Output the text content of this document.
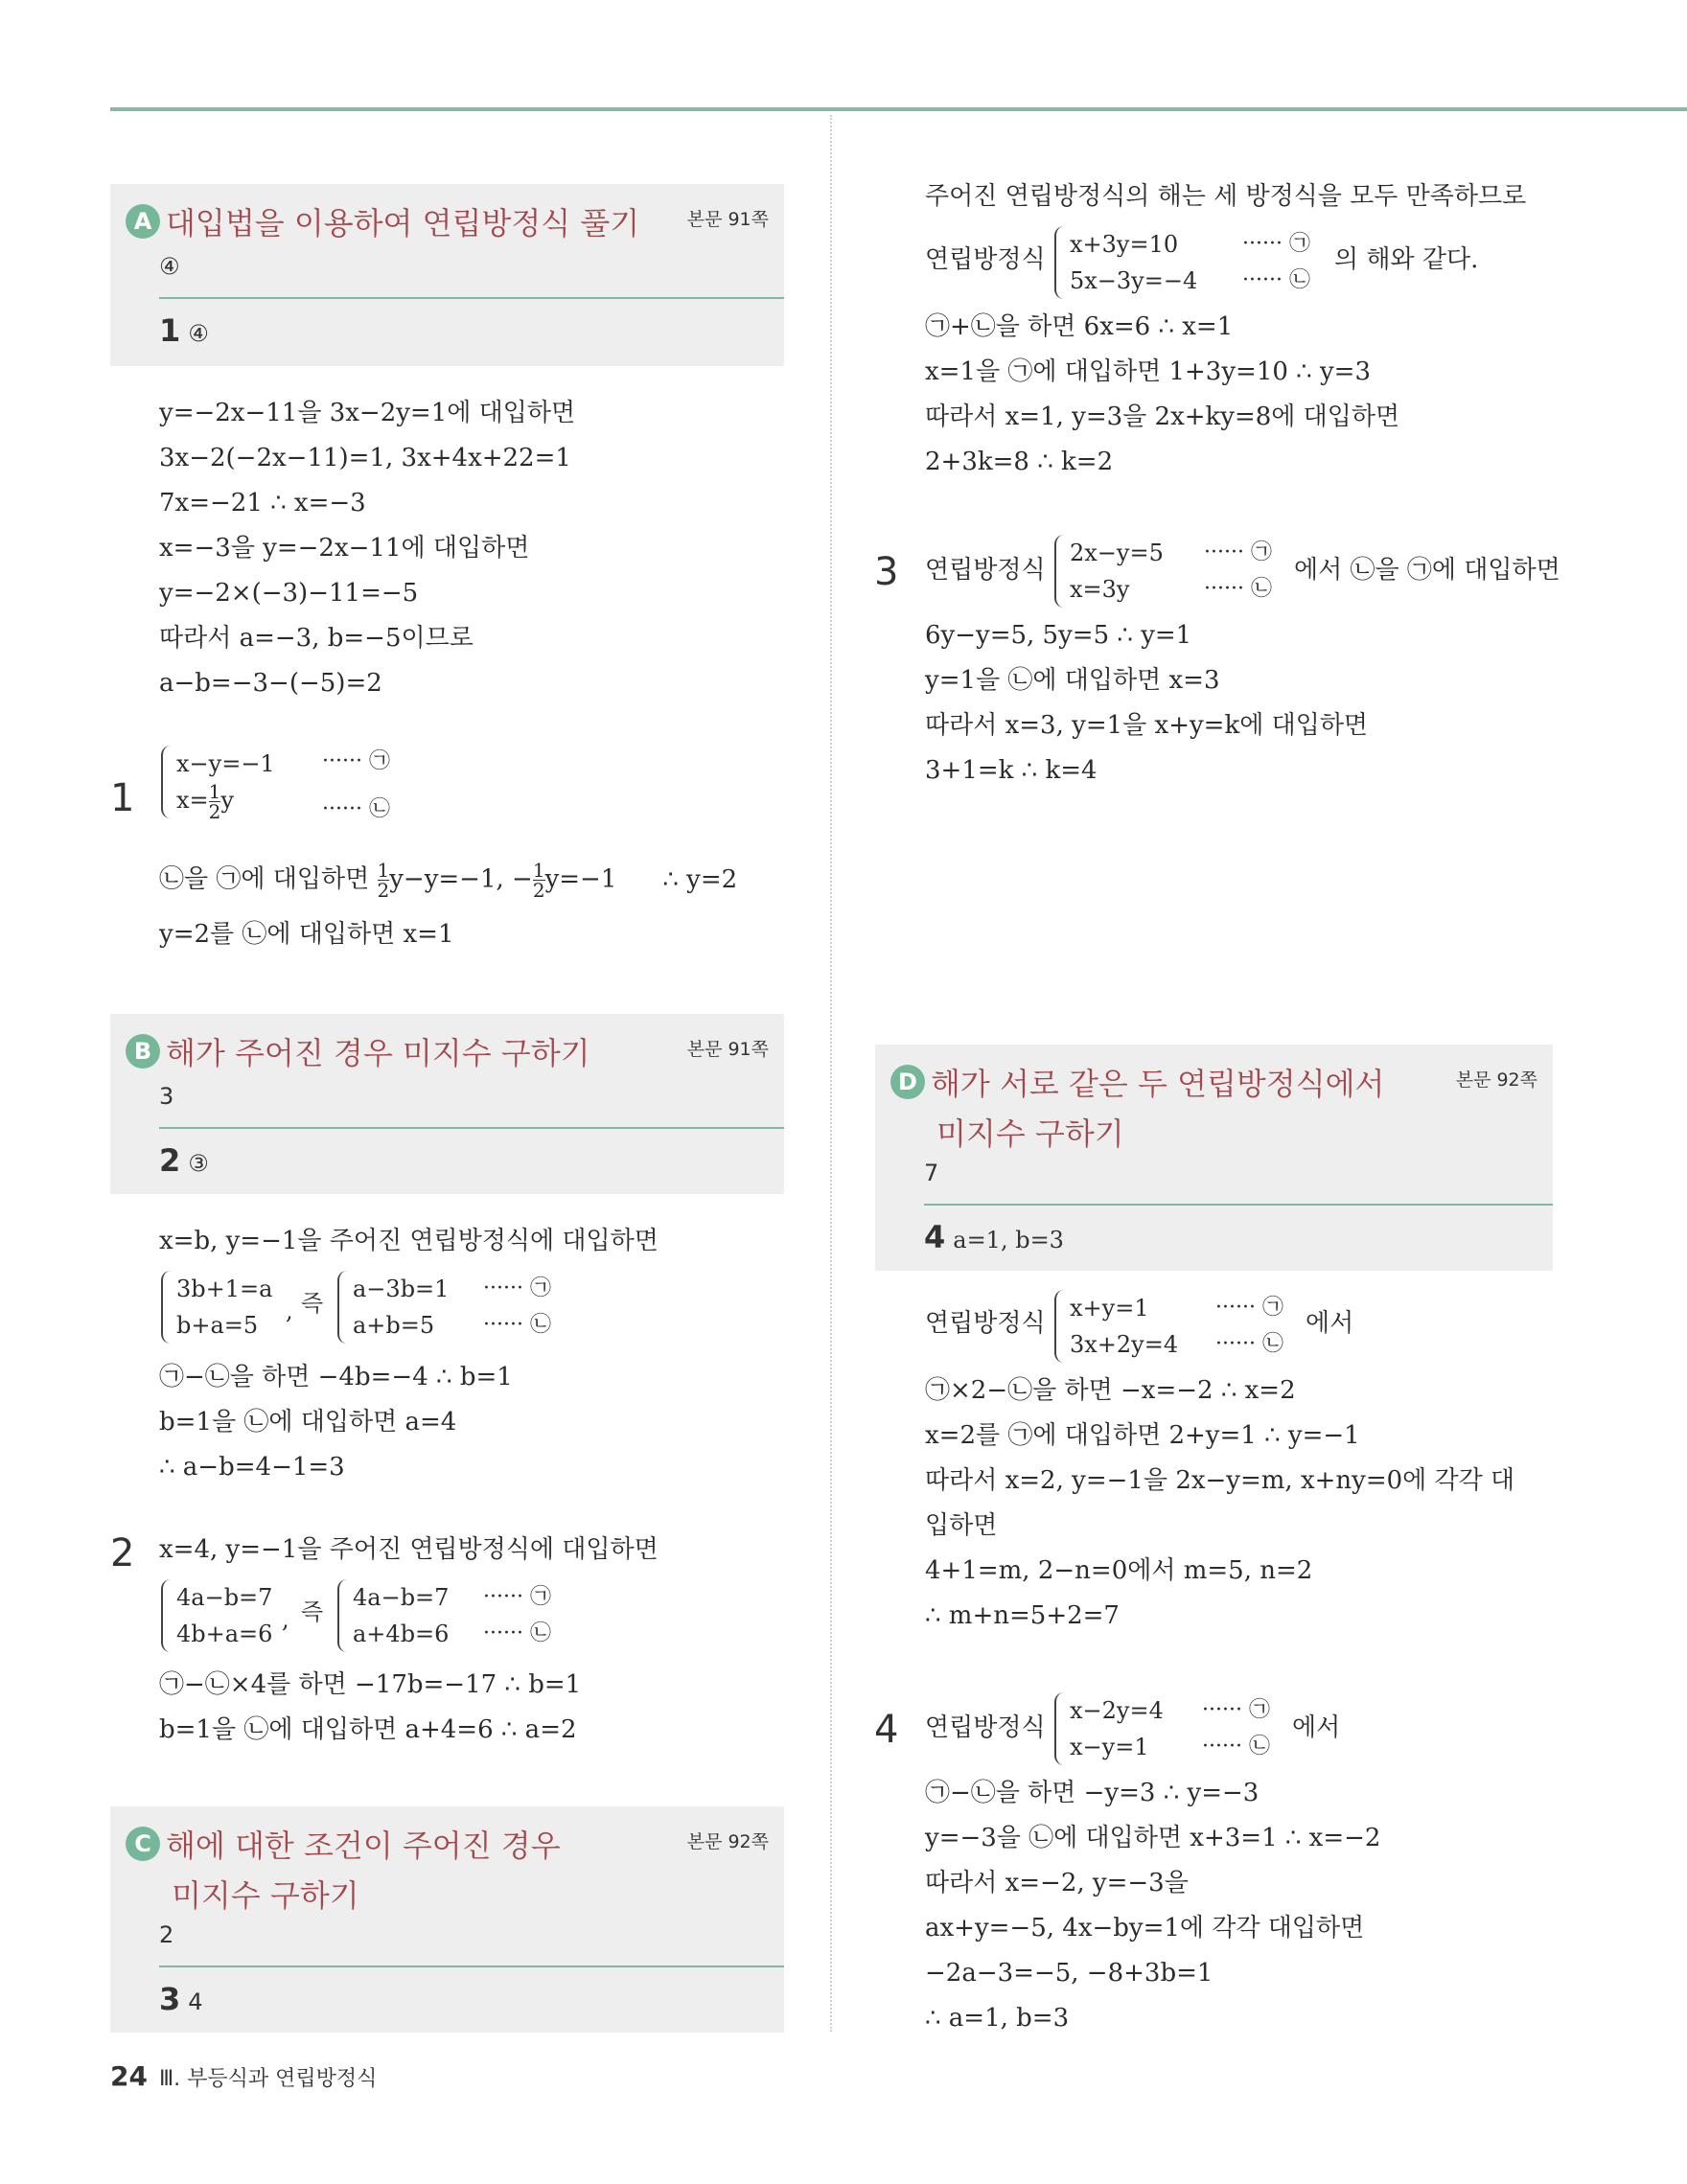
A 대입법을 이용하여 연립방정식 풀기	본문 91쪽
④
1 ④
y=−2x−11을 3x−2y=1에 대입하면
3x−2(−2x−11)=1, 3x+4x+22=1
7x=−21 ∴ x=−3
x=−3을 y=−2x−11에 대입하면
y=−2×(−3)−11=−5
따라서 a=−3, b=−5이므로
a−b=−3−(−5)=2
1
x−y=−1
$x= \frac{1}{2}$ y
······ ㉠
······ ㉡
㉡을 ㉠에 대입하면 $\frac{1}{2} y-y=-1$, − $\frac{1}{2} y=-1$ ∴ y=2
y=2를 ㉡에 대입하면 x=1
B 해가 주어진 경우 미지수 구하기	본문 91쪽
3
2 ③
x=b, y=−1을 주어진 연립방정식에 대입하면
3b+1=a
b+a=5
, 즉
a−3b=1
a+b=5
······ ㉠
······ ㉡
㉠−㉡을 하면 −4b=−4 ∴ b=1
b=1을 ㉡에 대입하면 a=4
∴ a−b=4−1=3
2 x=4, y=−1을 주어진 연립방정식에 대입하면
4a−b=7
4b+a=6
, 즉
4a−b=7
a+4b=6
······ ㉠
······ ㉡
㉠−㉡×4를 하면 −17b=−17 ∴ b=1
b=1을 ㉡에 대입하면 a+4=6 ∴ a=2
C 해에 대한 조건이 주어진 경우
미지수 구하기
본문 92쪽
2
3 4
주어진 연립방정식의 해는 세 방정식을 모두 만족하므로
연립방정식
x+3y=10
5x−3y=−4
······ ㉠
······ ㉡
의 해와 같다.
㉠+㉡을 하면 6x=6 ∴ x=1
x=1을 ㉠에 대입하면 1+3y=10 ∴ y=3
따라서 x=1, y=3을 2x+ky=8에 대입하면
2+3k=8 ∴ k=2
3 연립방정식
2x−y=5
x=3y
······ ㉠
······ ㉡
에서 ㉡을 ㉠에 대입하면
6y−y=5, 5y=5 ∴ y=1
y=1을 ㉡에 대입하면 x=3
따라서 x=3, y=1을 x+y=k에 대입하면
3+1=k ∴ k=4
D 해가 서로 같은 두 연립방정식에서
미지수 구하기
본문 92쪽
7
4 a=1, b=3
연립방정식
x+y=1
3x+2y=4
······ ㉠
······ ㉡
에서
㉠×2−㉡을 하면 −x=−2 ∴ x=2
x=2를 ㉠에 대입하면 2+y=1 ∴ y=−1
따라서 x=2, y=−1을 2x−y=m, x+ny=0에 각각 대
입하면
4+1=m, 2−n=0에서 m=5, n=2
∴ m+n=5+2=7
4 연립방정식
x−2y=4
x−y=1
······ ㉠
······ ㉡
에서
㉠−㉡을 하면 −y=3 ∴ y=−3
y=−3을 ㉡에 대입하면 x+3=1 ∴ x=−2
따라서 x=−2, y=−3을
ax+y=−5, 4x−by=1에 각각 대입하면
−2a−3=−5, −8+3b=1
∴ a=1, b=3
24 Ⅲ. 부등식과 연립방정식
